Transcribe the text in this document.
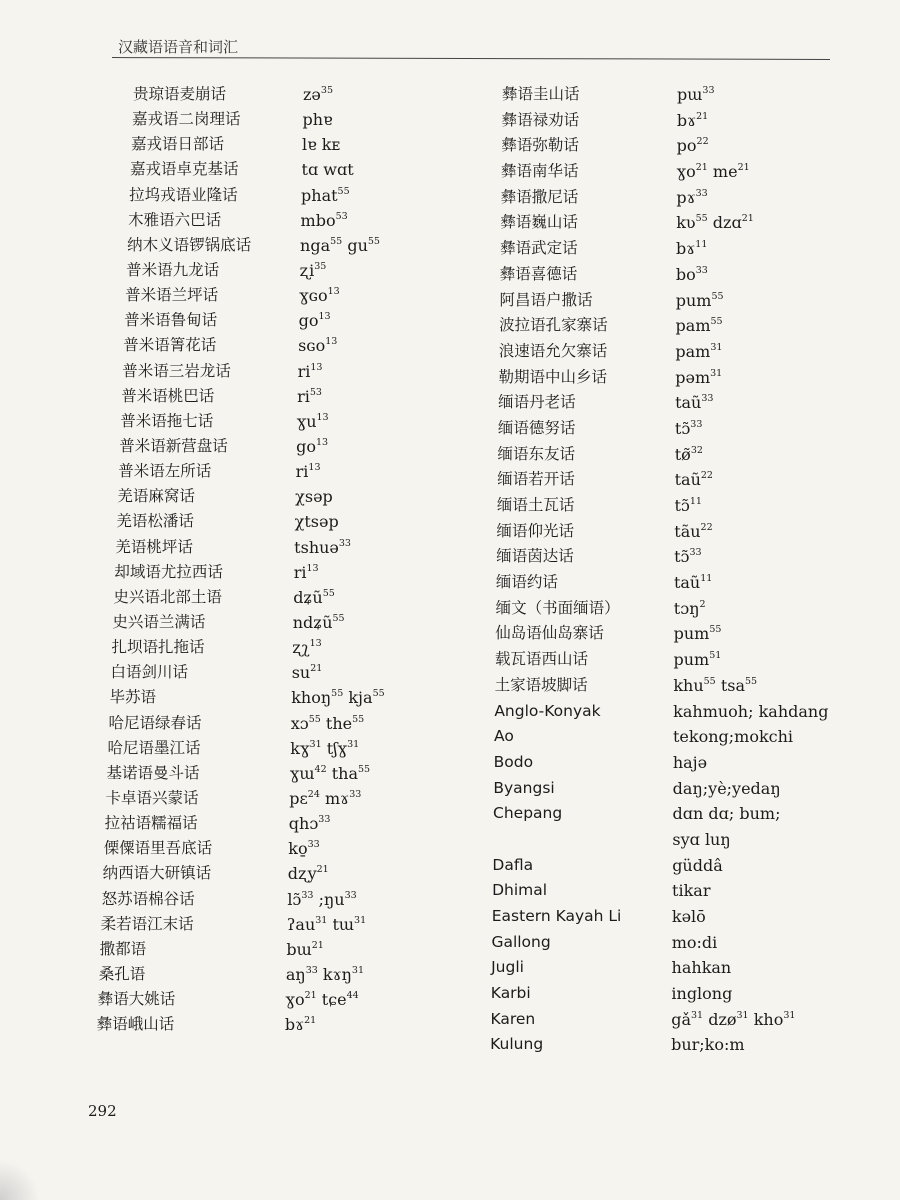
汉藏语语音和词汇
贵琼语麦崩话	zə$^{35}$
嘉戎语二岗理话	phɐ
嘉戎语日部话	lɐ kᴇ
嘉戎语卓克基话	tɑ wɑt
拉坞戎语业隆话	phat$^{55}$
木雅语六巴话	mbo$^{53}$
纳木义语锣锅底话	nga$^{55}$ $gu^{55}$
普米语九龙话	ʐi$^{35}$
普米语兰坪话	ɣɢo$^{13}$
普米语鲁甸话	$go^{13}$
普米语箐花话	sɢo$^{13}$
普米语三岩龙话	$ri^{13}$
普米语桃巴话	$ri^{53}$
普米语拖七话	ɣu$^{13}$
普米语新营盘话	$go^{13}$
普米语左所话	$ri^{13}$
羌语麻窝话	χsəp
羌语松潘话	χtsəp
羌语桃坪话	tshuə$^{33}$
却域语尤拉西话	$ri^{13}$
史兴语北部土语	dʑũ$^{55}$
史兴语兰满话	ndʑũ$^{55}$
扎坝语扎拖话	ʐʅ$^{13}$
白语剑川话	$su^{21}$
毕苏语	khoŋ$^{55}$ kja$^{55}$
哈尼语绿春话	xɔ$^{55}$ the$^{55}$
哈尼语墨江话	kɣ$^{31}$ tʃɣ$^{31}$
基诺语曼斗话	ɣɯ$^{42}$ tha$^{55}$
卡卓语兴蒙话	pɛ$^{24}$ mɤ$^{33}$
拉祜语糯福话	qhɔ$^{33}$
傈僳语里吾底话	ko̱$^{33}$
纳西语大研镇话	dʐy$^{21}$
怒苏语棉谷话	lɔ̃$^{33}$ $;ŋu^{33}$
柔若语江末话	ʔau$^{31}$ tɯ$^{31}$
撒都语	bɯ$^{21}$
桑孔语	$aŋ^{33}$ kɤŋ$^{31}$
彝语大姚话	ɣo$^{21}$ tɕe$^{44}$
彝语峨山话	bɤ$^{21}$
彝语圭山话	pɯ$^{33}$
彝语禄劝话	bɤ$^{21}$
彝语弥勒话	$po^{22}$
彝语南华话	ɣo$^{21}$ $me^{21}$
彝语撒尼话	pɤ$^{33}$
彝语巍山话	kʋ$^{55}$ dzɑ$^{21}$
彝语武定话	bɤ$^{11}$
彝语喜德话	$bo^{33}$
阿昌语户撒话	pum$^{55}$
波拉语孔家寨话	pam$^{55}$
浪速语允欠寨话	pam$^{31}$
勒期语中山乡话	pəm$^{31}$
缅语丹老话	taũ$^{33}$
缅语德努话	tɔ̃$^{33}$
缅语东友话	tø̃$^{32}$
缅语若开话	taũ$^{22}$
缅语土瓦话	tɔ̃$^{11}$
缅语仰光话	tãu$^{22}$
缅语茵达话	tɔ̃$^{33}$
缅语约话	taũ$^{11}$
缅文（书面缅语）	tɔŋ$^2$
仙岛语仙岛寨话	pum$^{55}$
载瓦语西山话	pum$^{51}$
土家语坡脚话	khu$^{55}$ tsa$^{55}$
Anglo-Konyak	kahmuoh; kahdang
Ao	tekong;mokchi
Bodo	hajə
Byangsi	daŋ;yè;yedaŋ
Chepang	dɑn dɑ; bum;
syɑ luŋ
Dafla	güddâ
Dhimal	tikar
Eastern Kayah Li	kəlō
Gallong	mo:di
Jugli	hahkan
Karbi	inglong
Karen	$gǎ^{31}$ dzø$^{31}$ kho$^{31}$
Kulung	bur;ko:m
292
